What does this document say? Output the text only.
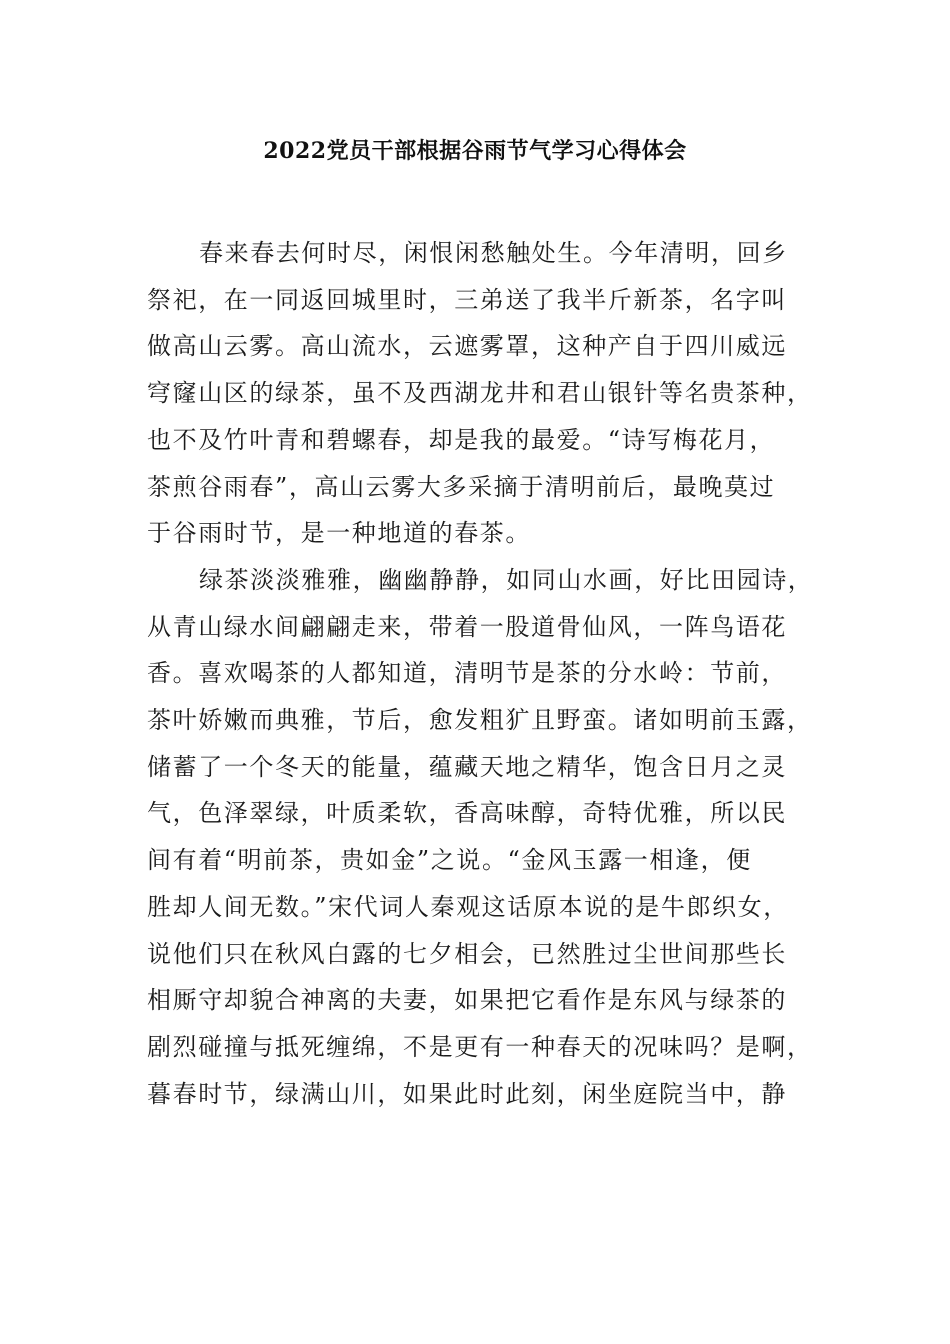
2022党员干部根据谷雨节气学习心得体会

春来春去何时尽，闲恨闲愁触处生。今年清明，回乡
祭祀，在一同返回城里时，三弟送了我半斤新茶，名字叫
做高山云雾。高山流水，云遮雾罩，这种产自于四川威远
穹窿山区的绿茶，虽不及西湖龙井和君山银针等名贵茶种，
也不及竹叶青和碧螺春，却是我的最爱。“诗写梅花月，
茶煎谷雨春”，高山云雾大多采摘于清明前后，最晚莫过
于谷雨时节，是一种地道的春茶。

绿茶淡淡雅雅，幽幽静静，如同山水画，好比田园诗，
从青山绿水间翩翩走来，带着一股道骨仙风，一阵鸟语花
香。喜欢喝茶的人都知道，清明节是茶的分水岭：节前，
茶叶娇嫩而典雅，节后，愈发粗犷且野蛮。诸如明前玉露，
储蓄了一个冬天的能量，蕴藏天地之精华，饱含日月之灵
气，色泽翠绿，叶质柔软，香高味醇，奇特优雅，所以民
间有着“明前茶，贵如金”之说。“金风玉露一相逢，便
胜却人间无数。”宋代词人秦观这话原本说的是牛郎织女，
说他们只在秋风白露的七夕相会，已然胜过尘世间那些长
相厮守却貌合神离的夫妻，如果把它看作是东风与绿茶的
剧烈碰撞与抵死缠绵，不是更有一种春天的况味吗？是啊，
暮春时节，绿满山川，如果此时此刻，闲坐庭院当中，静
